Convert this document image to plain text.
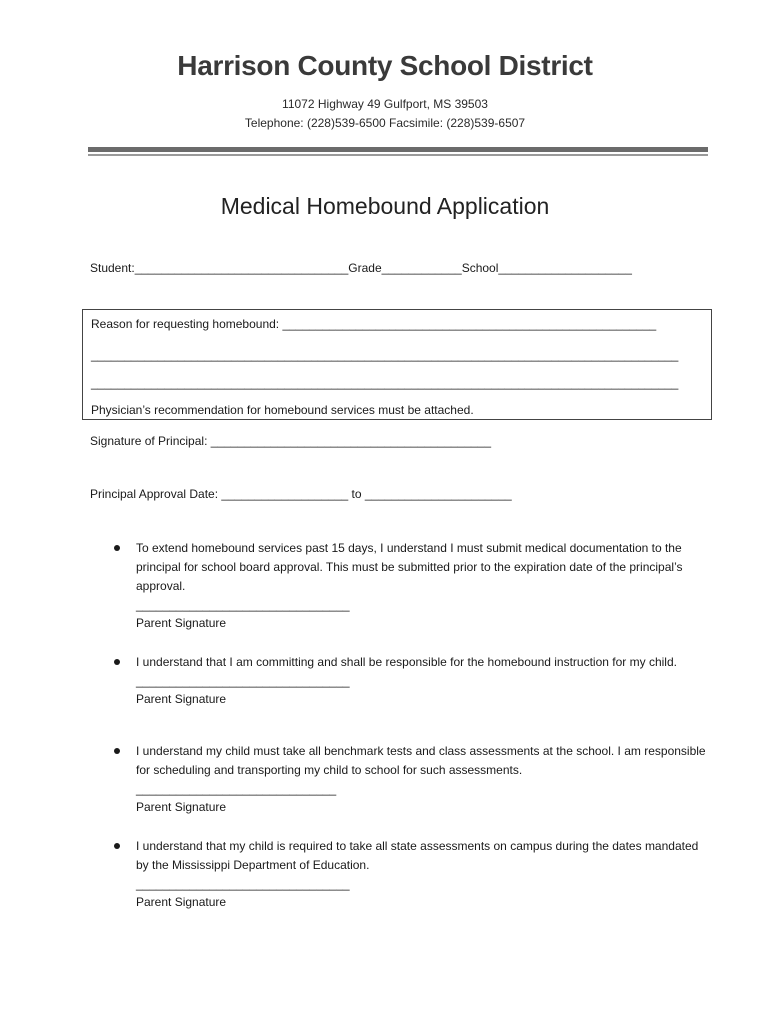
Harrison County School District
11072 Highway 49 Gulfport, MS 39503
Telephone: (228)539-6500 Facsimile: (228)539-6507
Medical Homebound Application
Student:________________________________Grade____________School____________________
Reason for requesting homebound: ________________________________________________________
________________________________________________________________________________________
________________________________________________________________________________________
Physician’s recommendation for homebound services must be attached.
Signature of Principal: __________________________________________
Principal Approval Date: ___________________ to ______________________
To extend homebound services past 15 days, I understand I must submit medical documentation to the principal for school board approval. This must be submitted prior to the expiration date of the principal’s approval.
________________________________
Parent Signature
I understand that I am committing and shall be responsible for the homebound instruction for my child.
________________________________
Parent Signature
I understand my child must take all benchmark tests and class assessments at the school. I am responsible for scheduling and transporting my child to school for such assessments.
______________________________
Parent Signature
I understand that my child is required to take all state assessments on campus during the dates mandated by the Mississippi Department of Education.
________________________________
Parent Signature
